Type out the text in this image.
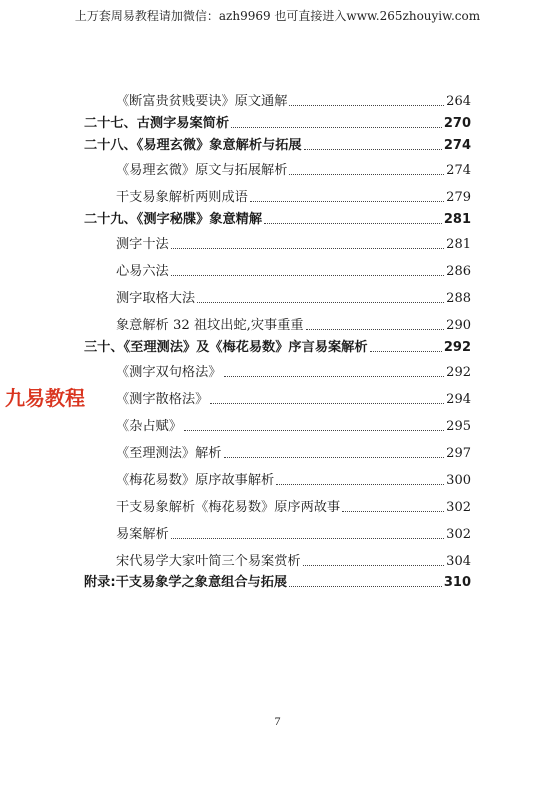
上万套周易教程请加微信：azh9969 也可直接进入www.265zhouyiw.com
《断富贵贫贱要诀》原文通解	264
二十七、古测字易案简析	270
二十八、《易理玄微》象意解析与拓展	274
《易理玄微》原文与拓展解析	274
干支易象解析两则成语	279
二十九、《测字秘牒》象意精解	281
测字十法	281
心易六法	286
测字取格大法	288
象意解析 32 祖坟出蛇,灾事重重	290
三十、《至理测法》及《梅花易数》序言易案解析	292
《测字双句格法》	292
《测字散格法》	294
《杂占赋》	295
《至理测法》解析	297
《梅花易数》原序故事解析	300
干支易象解析《梅花易数》原序两故事	302
易案解析	302
宋代易学大家叶简三个易案赏析	304
附录:干支易象学之象意组合与拓展	310
九易教程
7
